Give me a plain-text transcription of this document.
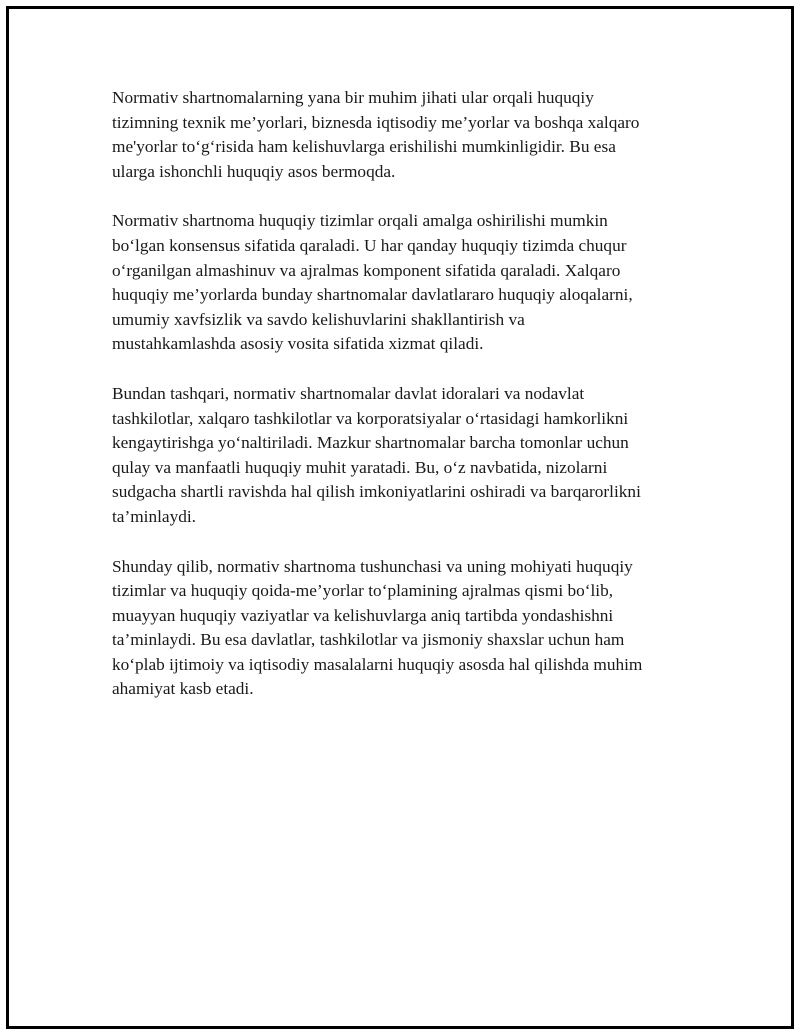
Normativ shartnomalarning yana bir muhim jihati ular orqali huquqiy
tizimning texnik me’yorlari, biznesda iqtisodiy me’yorlar va boshqa xalqaro
me'yorlar to‘g‘risida ham kelishuvlarga erishilishi mumkinligidir. Bu esa
ularga ishonchli huquqiy asos bermoqda.

Normativ shartnoma huquqiy tizimlar orqali amalga oshirilishi mumkin
bo‘lgan konsensus sifatida qaraladi. U har qanday huquqiy tizimda chuqur
o‘rganilgan almashinuv va ajralmas komponent sifatida qaraladi. Xalqaro
huquqiy me’yorlarda bunday shartnomalar davlatlararo huquqiy aloqalarni,
umumiy xavfsizlik va savdo kelishuvlarini shakllantirish va
mustahkamlashda asosiy vosita sifatida xizmat qiladi.

Bundan tashqari, normativ shartnomalar davlat idoralari va nodavlat
tashkilotlar, xalqaro tashkilotlar va korporatsiyalar o‘rtasidagi hamkorlikni
kengaytirishga yo‘naltiriladi. Mazkur shartnomalar barcha tomonlar uchun
qulay va manfaatli huquqiy muhit yaratadi. Bu, o‘z navbatida, nizolarni
sudgacha shartli ravishda hal qilish imkoniyatlarini oshiradi va barqarorlikni
ta’minlaydi.

Shunday qilib, normativ shartnoma tushunchasi va uning mohiyati huquqiy
tizimlar va huquqiy qoida-me’yorlar to‘plamining ajralmas qismi bo‘lib,
muayyan huquqiy vaziyatlar va kelishuvlarga aniq tartibda yondashishni
ta’minlaydi. Bu esa davlatlar, tashkilotlar va jismoniy shaxslar uchun ham
ko‘plab ijtimoiy va iqtisodiy masalalarni huquqiy asosda hal qilishda muhim
ahamiyat kasb etadi.
